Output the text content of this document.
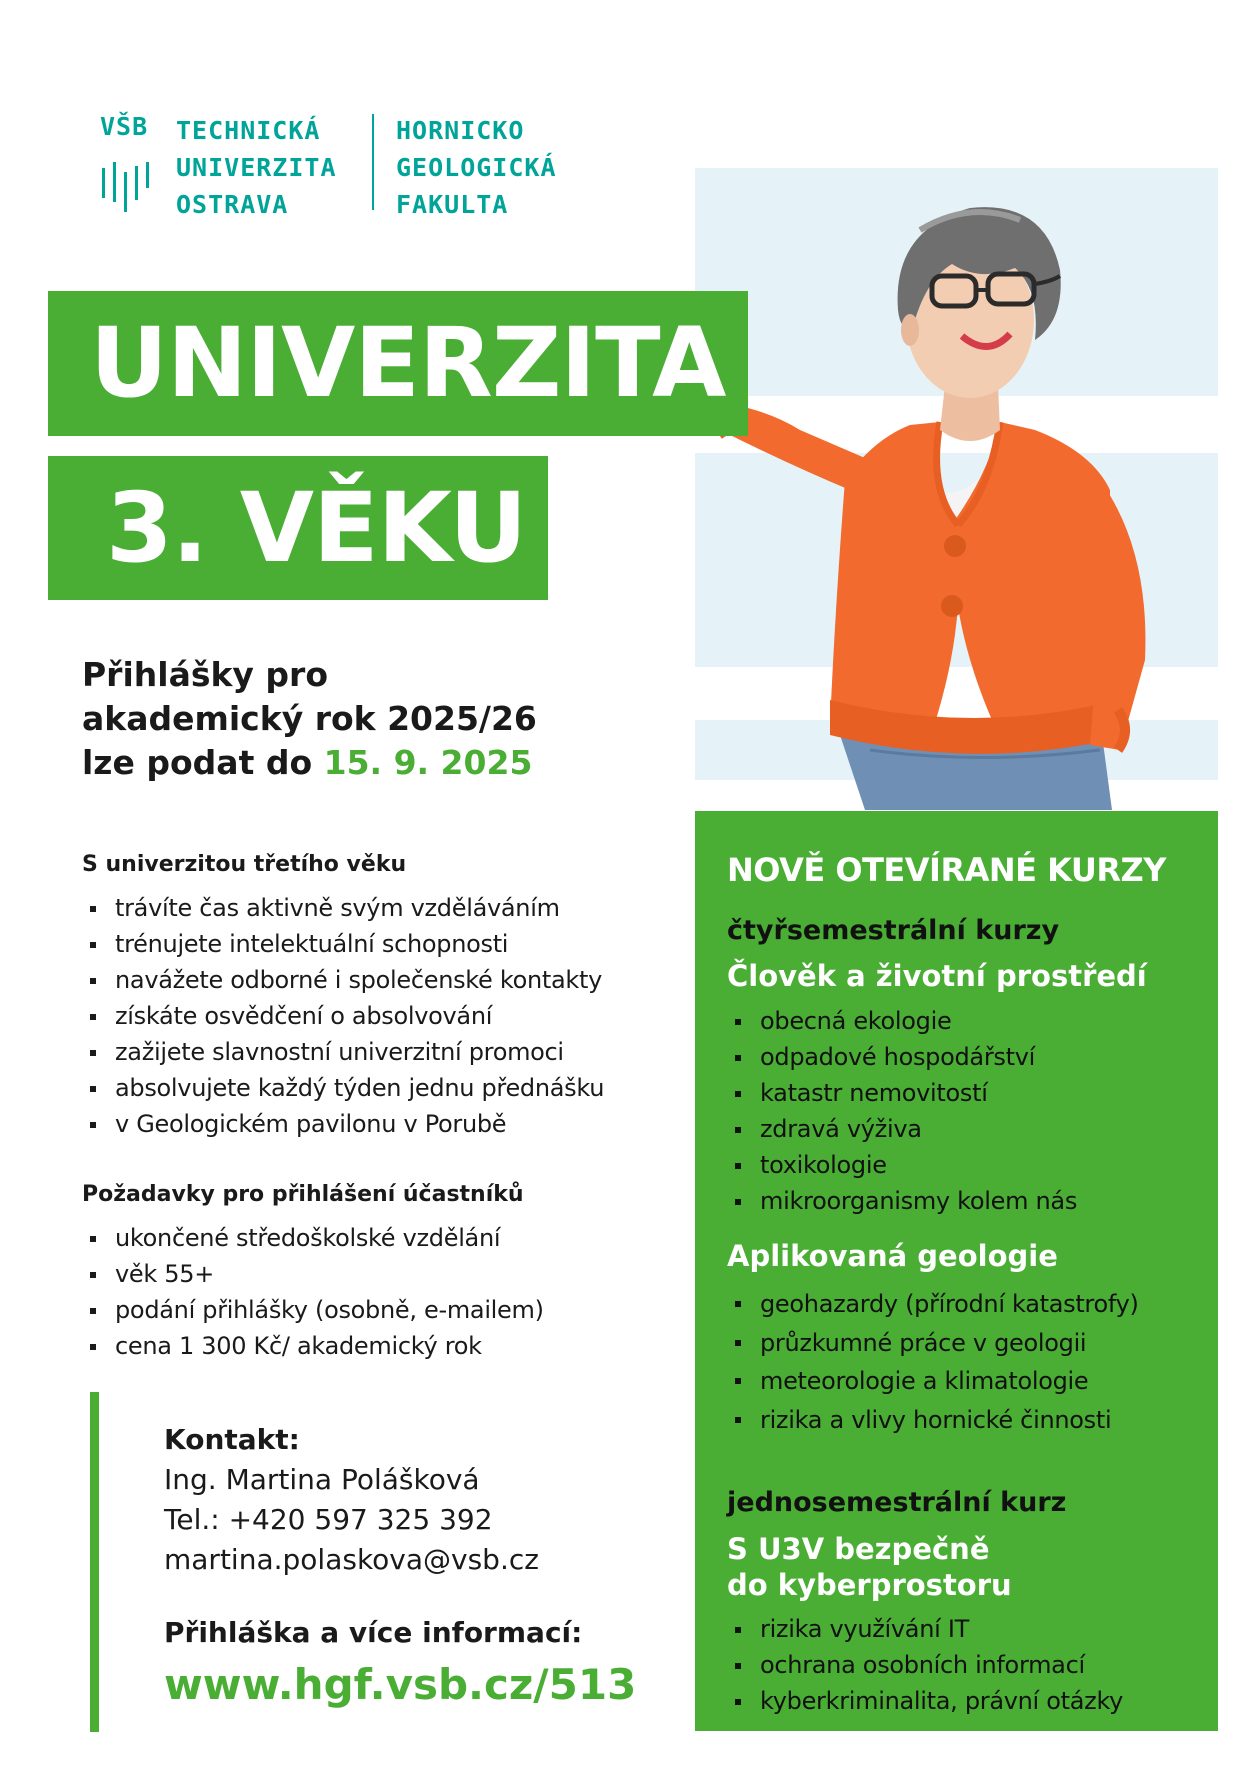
VŠB TECHNICKÁ
UNIVERZITA
OSTRAVA
HORNICKO
GEOLOGICKÁ
FAKULTA
UNIVERZITA
3. VĚKU
Přihlášky pro
akademický rok 2025/26
lze podat do 15. 9. 2025
S univerzitou třetího věku
trávíte čas aktivně svým vzděláváním
trénujete intelektuální schopnosti
navážete odborné i společenské kontakty
získáte osvědčení o absolvování
zažijete slavnostní univerzitní promoci
absolvujete každý týden jednu přednášku
v Geologickém pavilonu v Porubě
Požadavky pro přihlášení účastníků
ukončené středoškolské vzdělání
věk 55+
podání přihlášky (osobně, e-mailem)
cena 1 300 Kč/ akademický rok
Kontakt:
Ing. Martina Polášková
Tel.: +420 597 325 392
martina.polaskova@vsb.cz
Přihláška a více informací:
www.hgf.vsb.cz/513
NOVĚ OTEVÍRANÉ KURZY
čtyřsemestrální kurzy
Člověk a životní prostředí
obecná ekologie
odpadové hospodářství
katastr nemovitostí
zdravá výživa
toxikologie
mikroorganismy kolem nás
Aplikovaná geologie
geohazardy (přírodní katastrofy)
průzkumné práce v geologii
meteorologie a klimatologie
rizika a vlivy hornické činnosti
jednosemestrální kurz
S U3V bezpečně
do kyberprostoru
rizika využívání IT
ochrana osobních informací
kyberkriminalita, právní otázky
